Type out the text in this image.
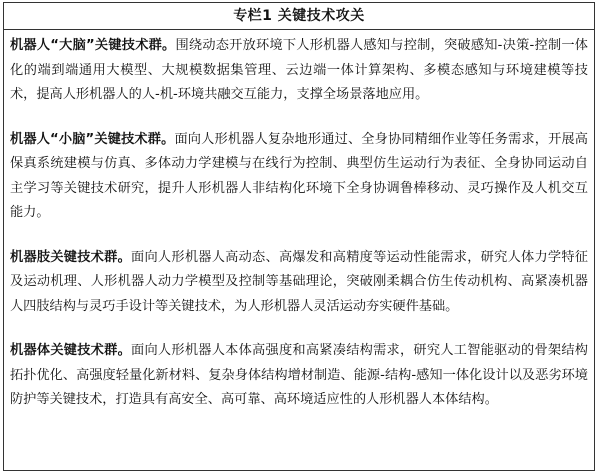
专栏1 关键技术攻关

机器人“大脑”关键技术群。围绕动态开放环境下人形机器人感知与控制，突破感知-决策-控制一体化的端到端通用大模型、大规模数据集管理、云边端一体计算架构、多模态感知与环境建模等技术，提高人形机器人的人-机-环境共融交互能力，支撑全场景落地应用。

机器人“小脑”关键技术群。面向人形机器人复杂地形通过、全身协同精细作业等任务需求，开展高保真系统建模与仿真、多体动力学建模与在线行为控制、典型仿生运动行为表征、全身协同运动自主学习等关键技术研究，提升人形机器人非结构化环境下全身协调鲁棒移动、灵巧操作及人机交互能力。

机器肢关键技术群。面向人形机器人高动态、高爆发和高精度等运动性能需求，研究人体力学特征及运动机理、人形机器人动力学模型及控制等基础理论，突破刚柔耦合仿生传动机构、高紧凑机器人四肢结构与灵巧手设计等关键技术，为人形机器人灵活运动夯实硬件基础。

机器体关键技术群。面向人形机器人本体高强度和高紧凑结构需求，研究人工智能驱动的骨架结构拓扑优化、高强度轻量化新材料、复杂身体结构增材制造、能源-结构-感知一体化设计以及恶劣环境防护等关键技术，打造具有高安全、高可靠、高环境适应性的人形机器人本体结构。
